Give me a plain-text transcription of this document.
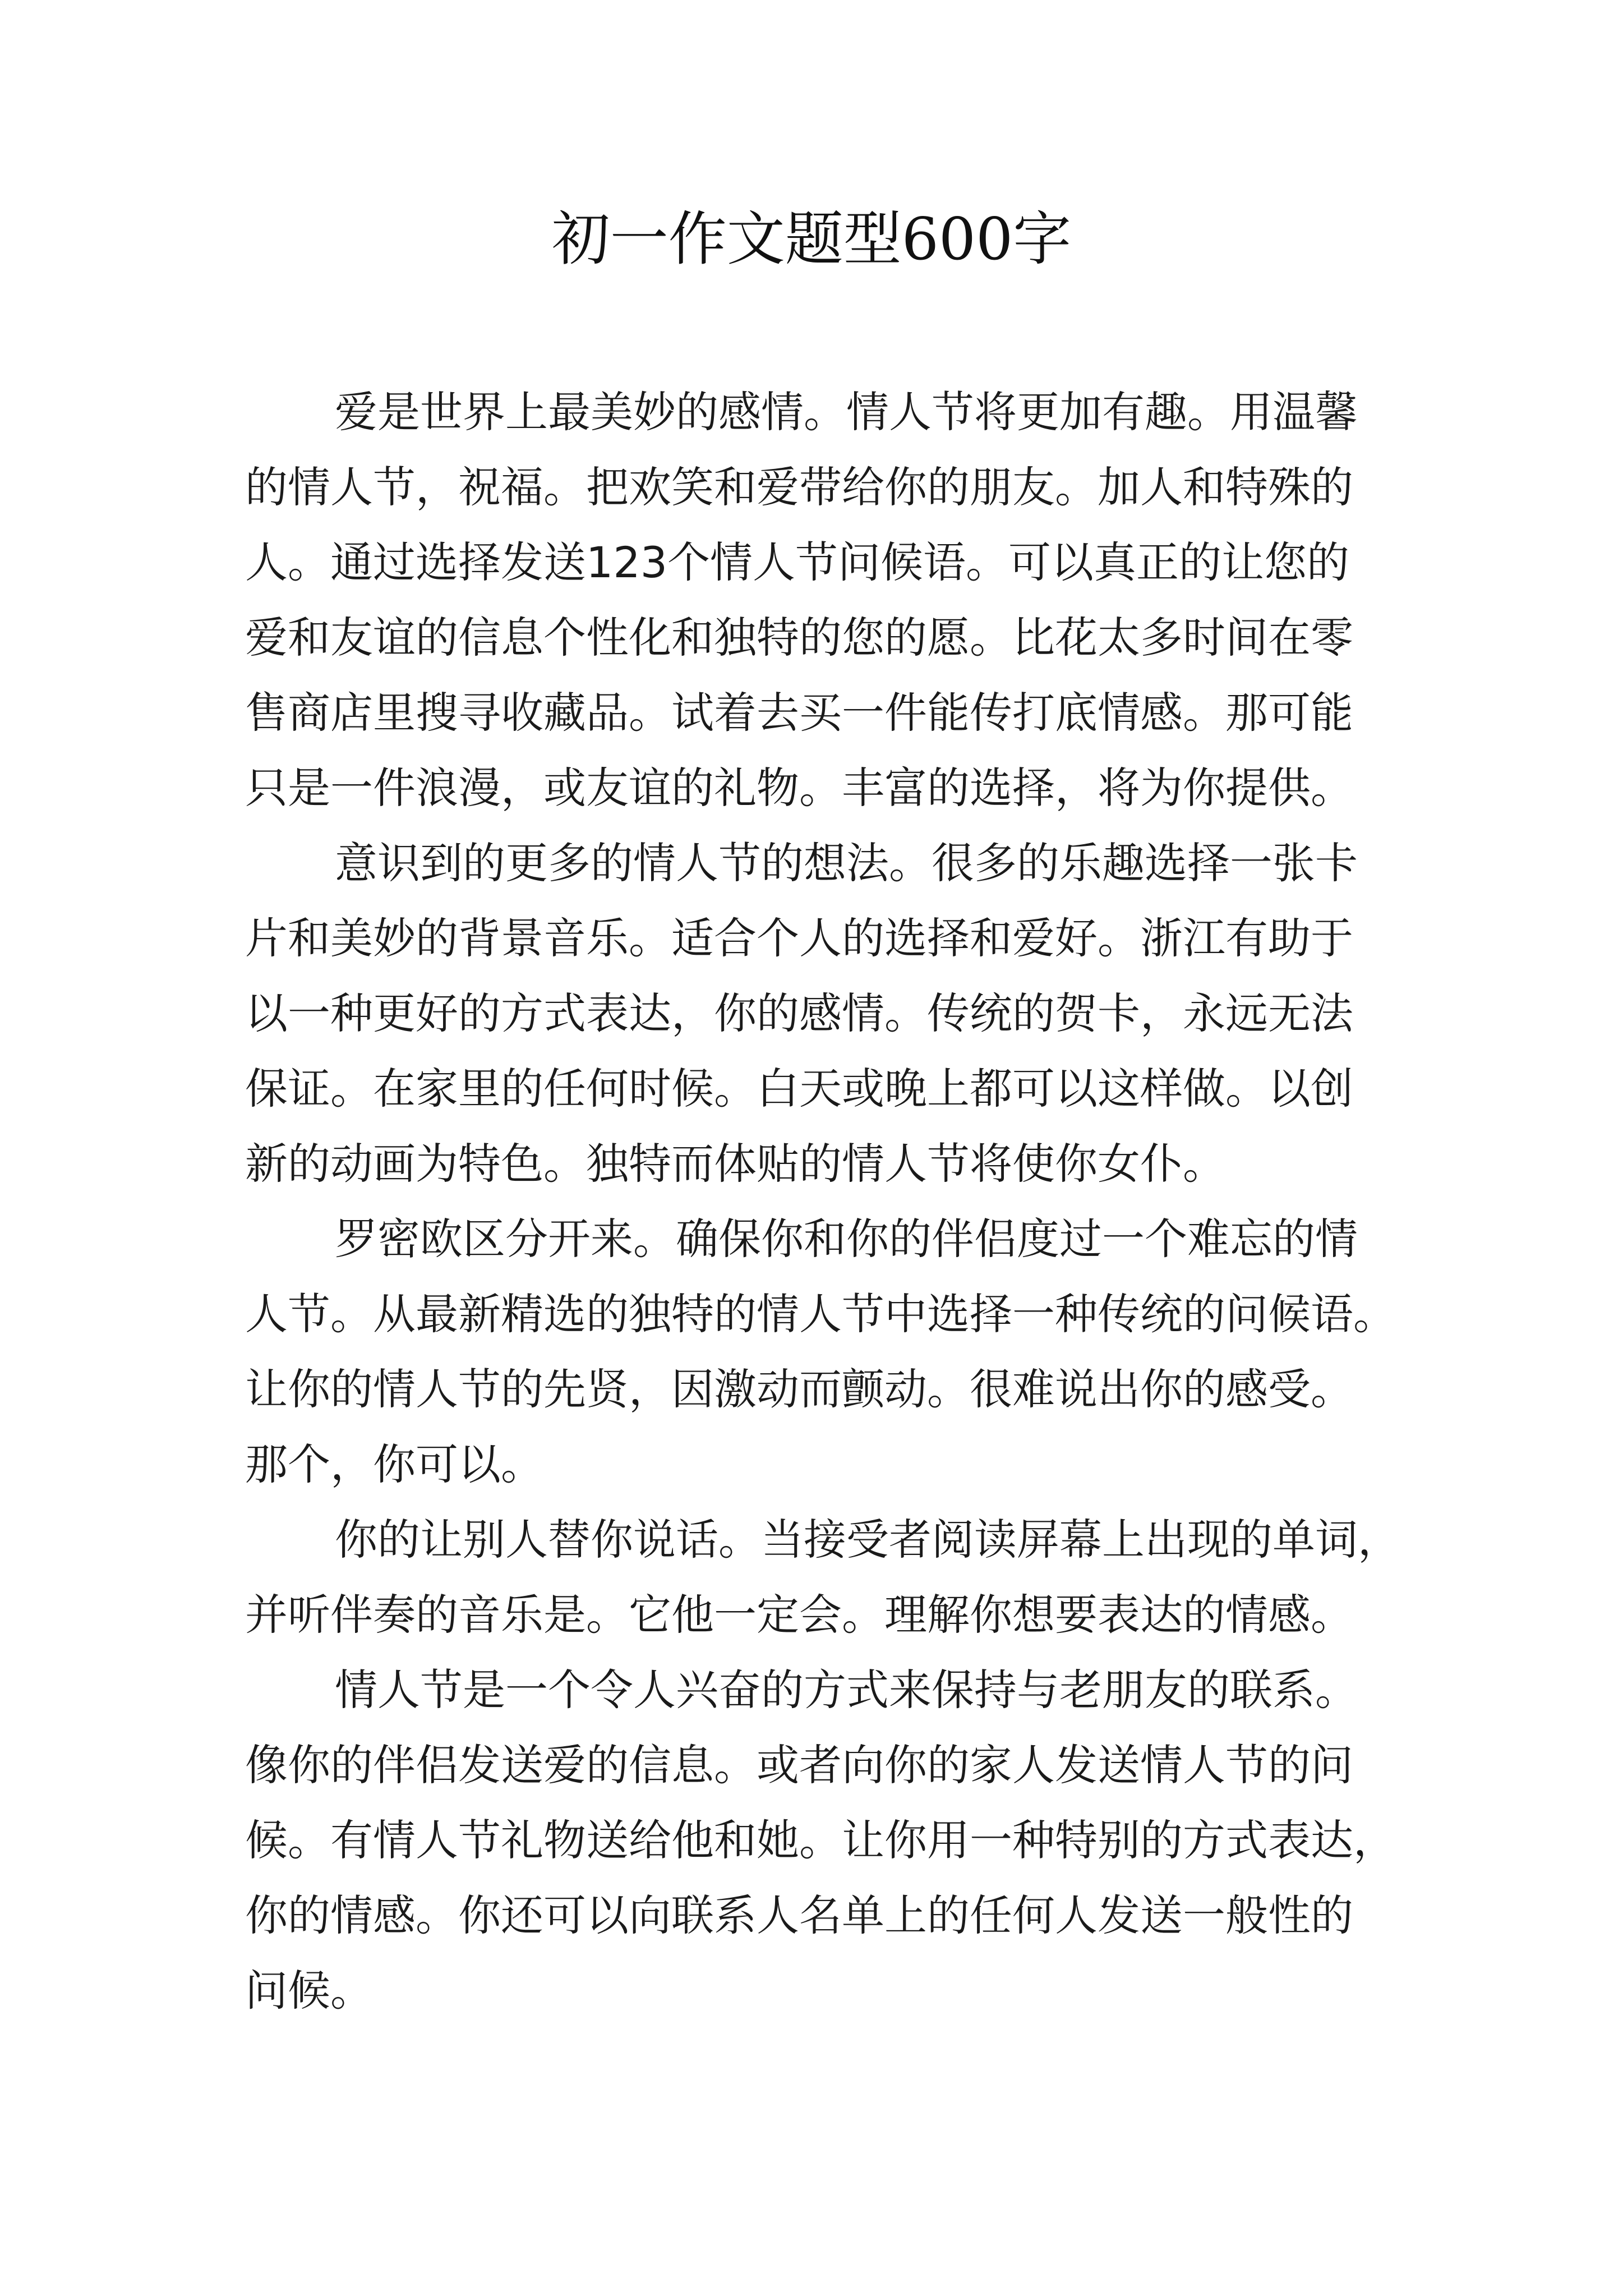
初一作文题型600字

爱是世界上最美妙的感情。情人节将更加有趣。用温馨
的情人节，祝福。把欢笑和爱带给你的朋友。加人和特殊的
人。通过选择发送123个情人节问候语。可以真正的让您的
爱和友谊的信息个性化和独特的您的愿。比花太多时间在零
售商店里搜寻收藏品。试着去买一件能传打底情感。那可能
只是一件浪漫，或友谊的礼物。丰富的选择，将为你提供。

意识到的更多的情人节的想法。很多的乐趣选择一张卡
片和美妙的背景音乐。适合个人的选择和爱好。浙江有助于
以一种更好的方式表达，你的感情。传统的贺卡，永远无法
保证。在家里的任何时候。白天或晚上都可以这样做。以创
新的动画为特色。独特而体贴的情人节将使你女仆。

罗密欧区分开来。确保你和你的伴侣度过一个难忘的情
人节。从最新精选的独特的情人节中选择一种传统的问候语。
让你的情人节的先贤，因激动而颤动。很难说出你的感受。
那个，你可以。

你的让别人替你说话。当接受者阅读屏幕上出现的单词，
并听伴奏的音乐是。它他一定会。理解你想要表达的情感。

情人节是一个令人兴奋的方式来保持与老朋友的联系。
像你的伴侣发送爱的信息。或者向你的家人发送情人节的问
候。有情人节礼物送给他和她。让你用一种特别的方式表达，
你的情感。你还可以向联系人名单上的任何人发送一般性的
问候。
